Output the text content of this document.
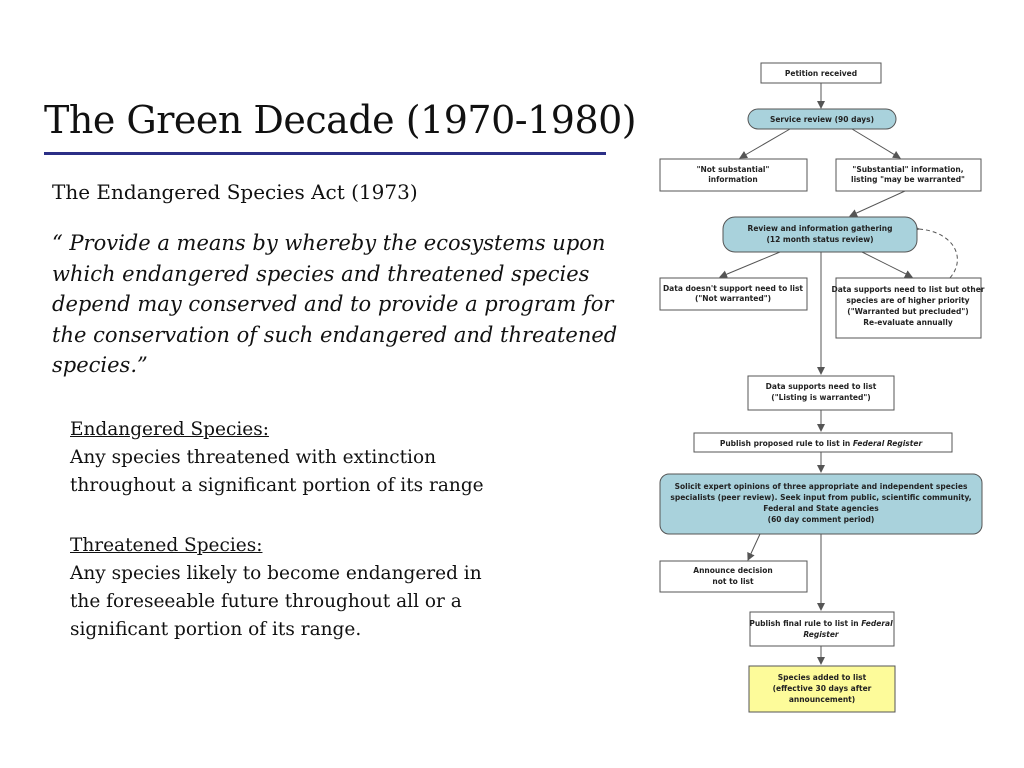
The Green Decade (1970-1980)
The Endangered Species Act (1973)
“ Provide a means by whereby the ecosystems upon which endangered species and threatened species depend may conserved and to provide a program for the conservation of such endangered and threatened species.”
Endangered Species:
Any species threatened with extinction throughout a significant portion of its range
Threatened Species:
Any species likely to become endangered in the foreseeable future throughout all or a significant portion of its range.
Petition received
Service review (90 days)
"Not substantial"
information
"Substantial" information,
listing "may be warranted"
Review and information gathering
(12 month status review)
Data doesn't support need to list
("Not warranted")
Data supports need to list but other
species are of higher priority
("Warranted but precluded")
Re-evaluate annually
Data supports need to list
("Listing is warranted")
Publish proposed rule to list in Federal Register
Solicit expert opinions of three appropriate and independent species
specialists (peer review). Seek input from public, scientific community,
Federal and State agencies
(60 day comment period)
Announce decision
not to list
Publish final rule to list in Federal
Register
Species added to list
(effective 30 days after
announcement)
